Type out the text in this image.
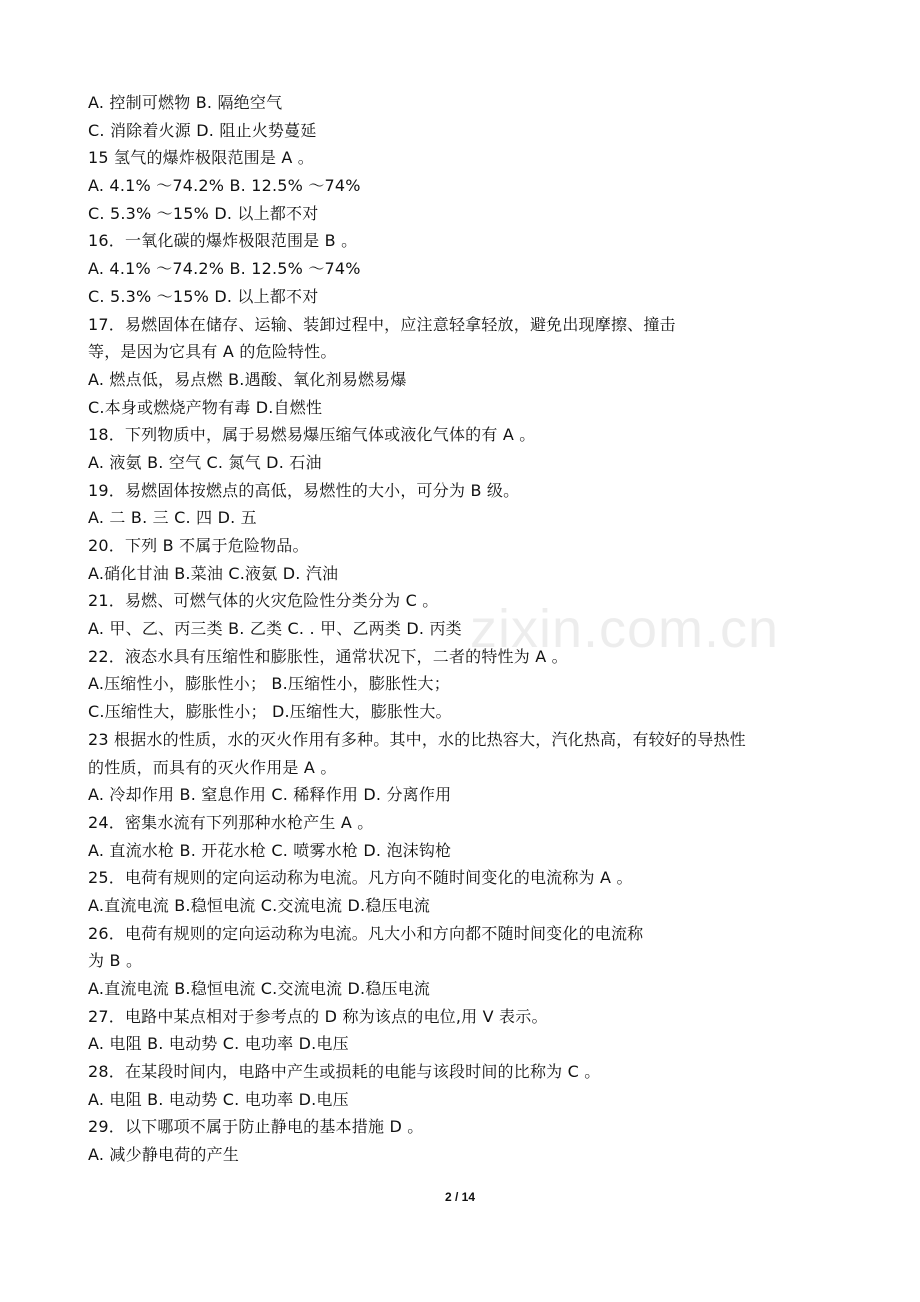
A. 控制可燃物 B. 隔绝空气
C. 消除着火源 D. 阻止火势蔓延
15 氢气的爆炸极限范围是 A 。
A. 4.1% ～74.2% B. 12.5% ～74%
C. 5.3% ～15% D. 以上都不对
16．一氧化碳的爆炸极限范围是 B 。
A. 4.1% ～74.2% B. 12.5% ～74%
C. 5.3% ～15% D. 以上都不对
17．易燃固体在储存、运输、装卸过程中，应注意轻拿轻放，避免出现摩擦、撞击
等，是因为它具有 A 的危险特性。
A. 燃点低，易点燃 B.遇酸、氧化剂易燃易爆
C.本身或燃烧产物有毒 D.自燃性
18．下列物质中，属于易燃易爆压缩气体或液化气体的有 A 。
A. 液氨 B. 空气 C. 氮气 D. 石油
19．易燃固体按燃点的高低，易燃性的大小，可分为 B 级。
A. 二 B. 三 C. 四 D. 五
20．下列 B 不属于危险物品。
A.硝化甘油 B.菜油 C.液氨 D. 汽油
21．易燃、可燃气体的火灾危险性分类分为 C 。
A. 甲、乙、丙三类 B. 乙类 C. . 甲、乙两类 D. 丙类
22．液态水具有压缩性和膨胀性，通常状况下，二者的特性为 A 。
A.压缩性小，膨胀性小； B.压缩性小，膨胀性大；
C.压缩性大，膨胀性小； D.压缩性大，膨胀性大。
23 根据水的性质，水的灭火作用有多种。其中，水的比热容大，汽化热高，有较好的导热性
的性质，而具有的灭火作用是 A 。
A. 冷却作用 B. 窒息作用 C. 稀释作用 D. 分离作用
24．密集水流有下列那种水枪产生 A 。
A. 直流水枪 B. 开花水枪 C. 喷雾水枪 D. 泡沫钩枪
25．电荷有规则的定向运动称为电流。凡方向不随时间变化的电流称为 A 。
A.直流电流 B.稳恒电流 C.交流电流 D.稳压电流
26．电荷有规则的定向运动称为电流。凡大小和方向都不随时间变化的电流称
为 B 。
A.直流电流 B.稳恒电流 C.交流电流 D.稳压电流
27．电路中某点相对于参考点的 D 称为该点的电位,用 V 表示。
A. 电阻 B. 电动势 C. 电功率 D.电压
28．在某段时间内，电路中产生或损耗的电能与该段时间的比称为 C 。
A. 电阻 B. 电动势 C. 电功率 D.电压
29．以下哪项不属于防止静电的基本措施 D 。
A. 减少静电荷的产生
zixin.com.cn
2 / 14
